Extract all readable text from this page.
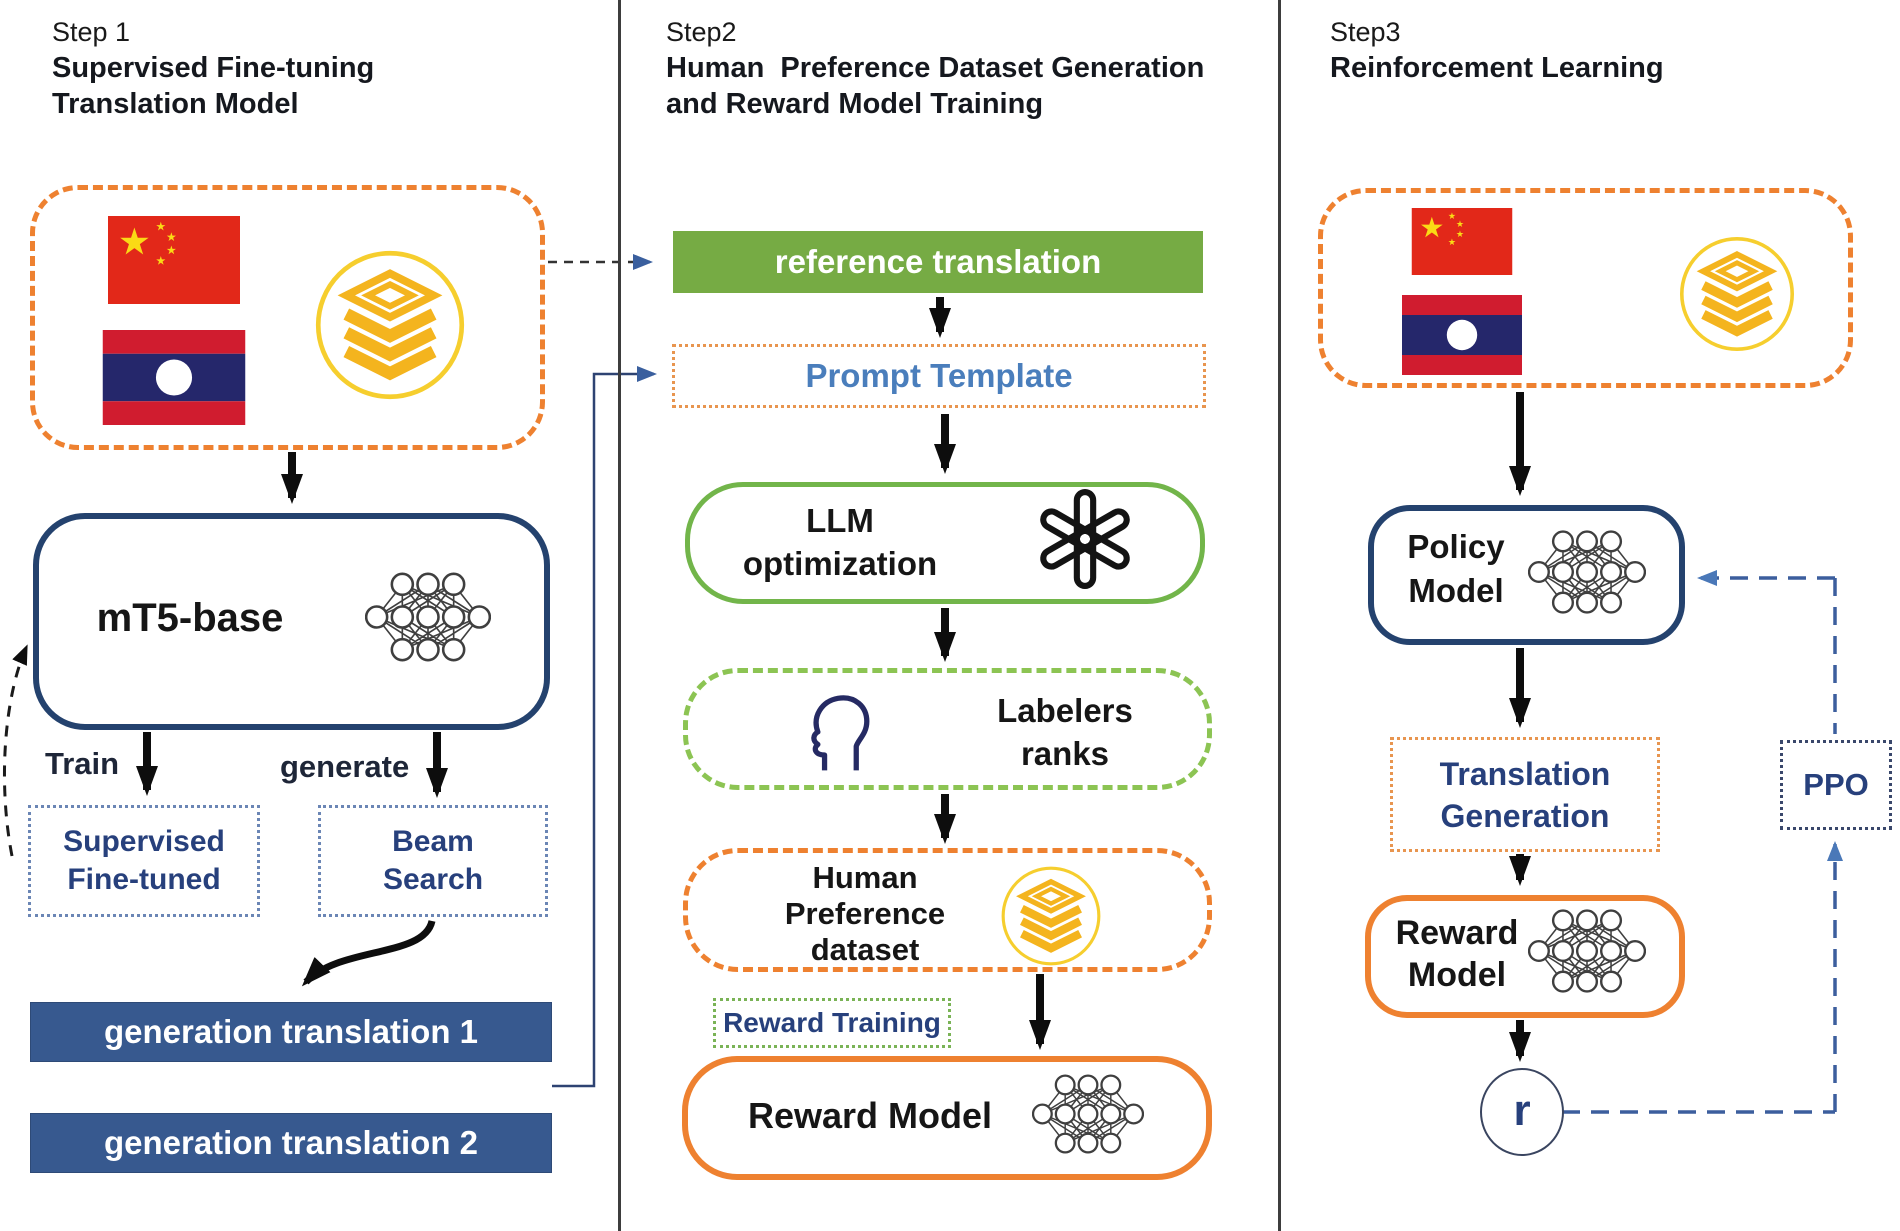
Step 1
Supervised Fine-tuning
Translation Model
mT5-base
Train	generate
Supervised
Fine-tuned
Beam
Search
generation translation 1
generation translation 2
Step2
Human  Preference Dataset Generation
and Reward Model Training
reference translation
Prompt Template
LLM
optimization
Labelers
ranks
Human
Preference
dataset
Reward Training
Reward Model
Step3
Reinforcement Learning
Policy
Model
Translation
Generation
Reward
Model
r
PPO
